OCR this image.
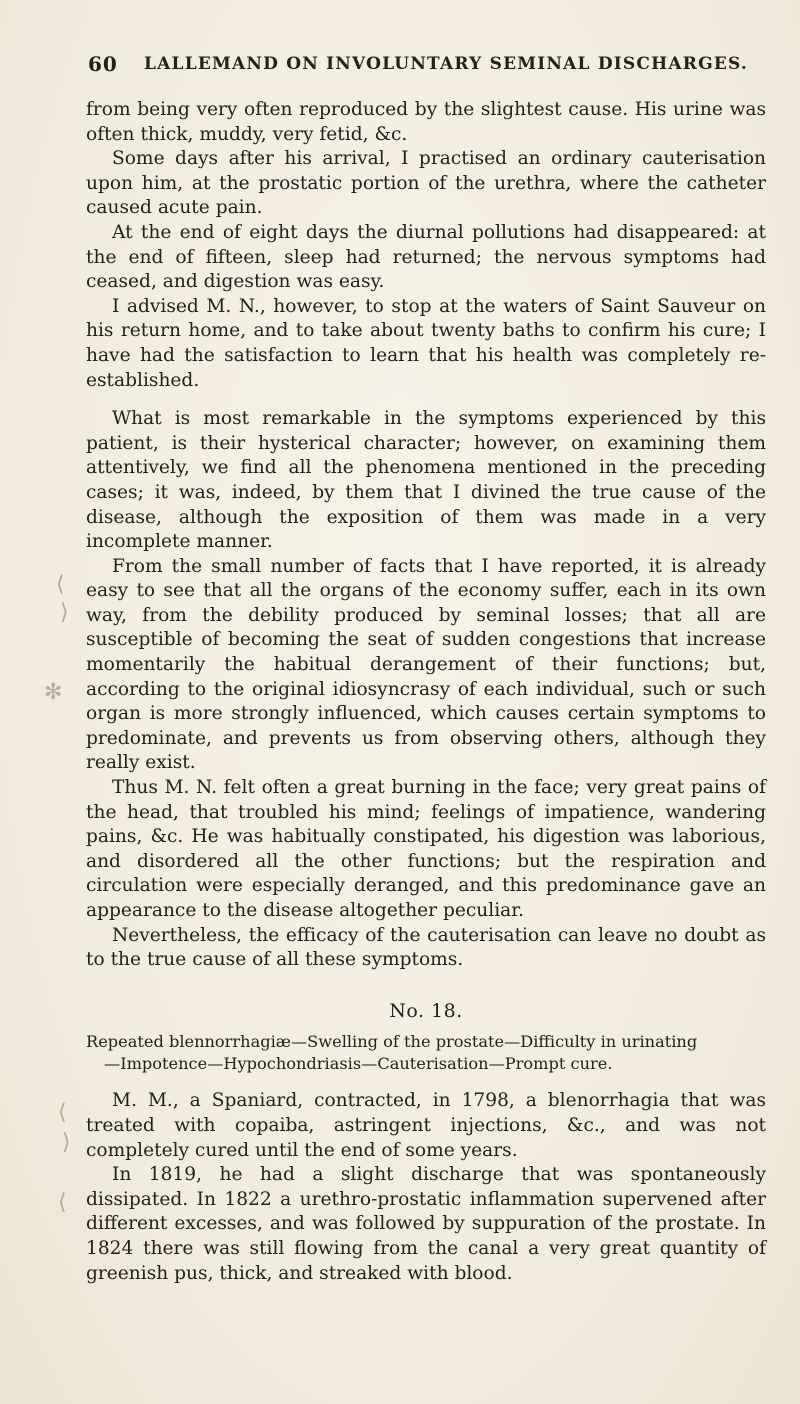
⟨
⟩
✻
⟨
⟩
⟨
60 LALLEMAND ON INVOLUNTARY SEMINAL DISCHARGES.

from being very often reproduced by the slightest cause. His urine was often thick, muddy, very fetid, &c.

Some days after his arrival, I practised an ordinary cauterisation upon him, at the prostatic portion of the urethra, where the catheter caused acute pain.

At the end of eight days the diurnal pollutions had disappeared: at the end of fifteen, sleep had returned; the nervous symptoms had ceased, and digestion was easy.

I advised M. N., however, to stop at the waters of Saint Sauveur on his return home, and to take about twenty baths to confirm his cure; I have had the satisfaction to learn that his health was completely re-established.

What is most remarkable in the symptoms experienced by this patient, is their hysterical character; however, on examining them attentively, we find all the phenomena mentioned in the preceding cases; it was, indeed, by them that I divined the true cause of the disease, although the exposition of them was made in a very incomplete manner.

From the small number of facts that I have reported, it is already easy to see that all the organs of the economy suffer, each in its own way, from the debility produced by seminal losses; that all are susceptible of becoming the seat of sudden congestions that increase momentarily the habitual derangement of their functions; but, according to the original idiosyncrasy of each individual, such or such organ is more strongly influenced, which causes certain symptoms to predominate, and prevents us from observing others, although they really exist.

Thus M. N. felt often a great burning in the face; very great pains of the head, that troubled his mind; feelings of impatience, wandering pains, &c. He was habitually constipated, his digestion was laborious, and disordered all the other functions; but the respiration and circulation were especially deranged, and this predominance gave an appearance to the disease altogether peculiar.

Nevertheless, the efficacy of the cauterisation can leave no doubt as to the true cause of all these symptoms.

No. 18.
Repeated blennorrhagiæ—Swelling of the prostate—Difficulty in urinating
—Impotence—Hypochondriasis—Cauterisation—Prompt cure.

M. M., a Spaniard, contracted, in 1798, a blenorrhagia that was treated with copaiba, astringent injections, &c., and was not completely cured until the end of some years.

In 1819, he had a slight discharge that was spontaneously dissipated. In 1822 a urethro-prostatic inflammation supervened after different excesses, and was followed by suppuration of the prostate. In 1824 there was still flowing from the canal a very great quantity of greenish pus, thick, and streaked with blood.
